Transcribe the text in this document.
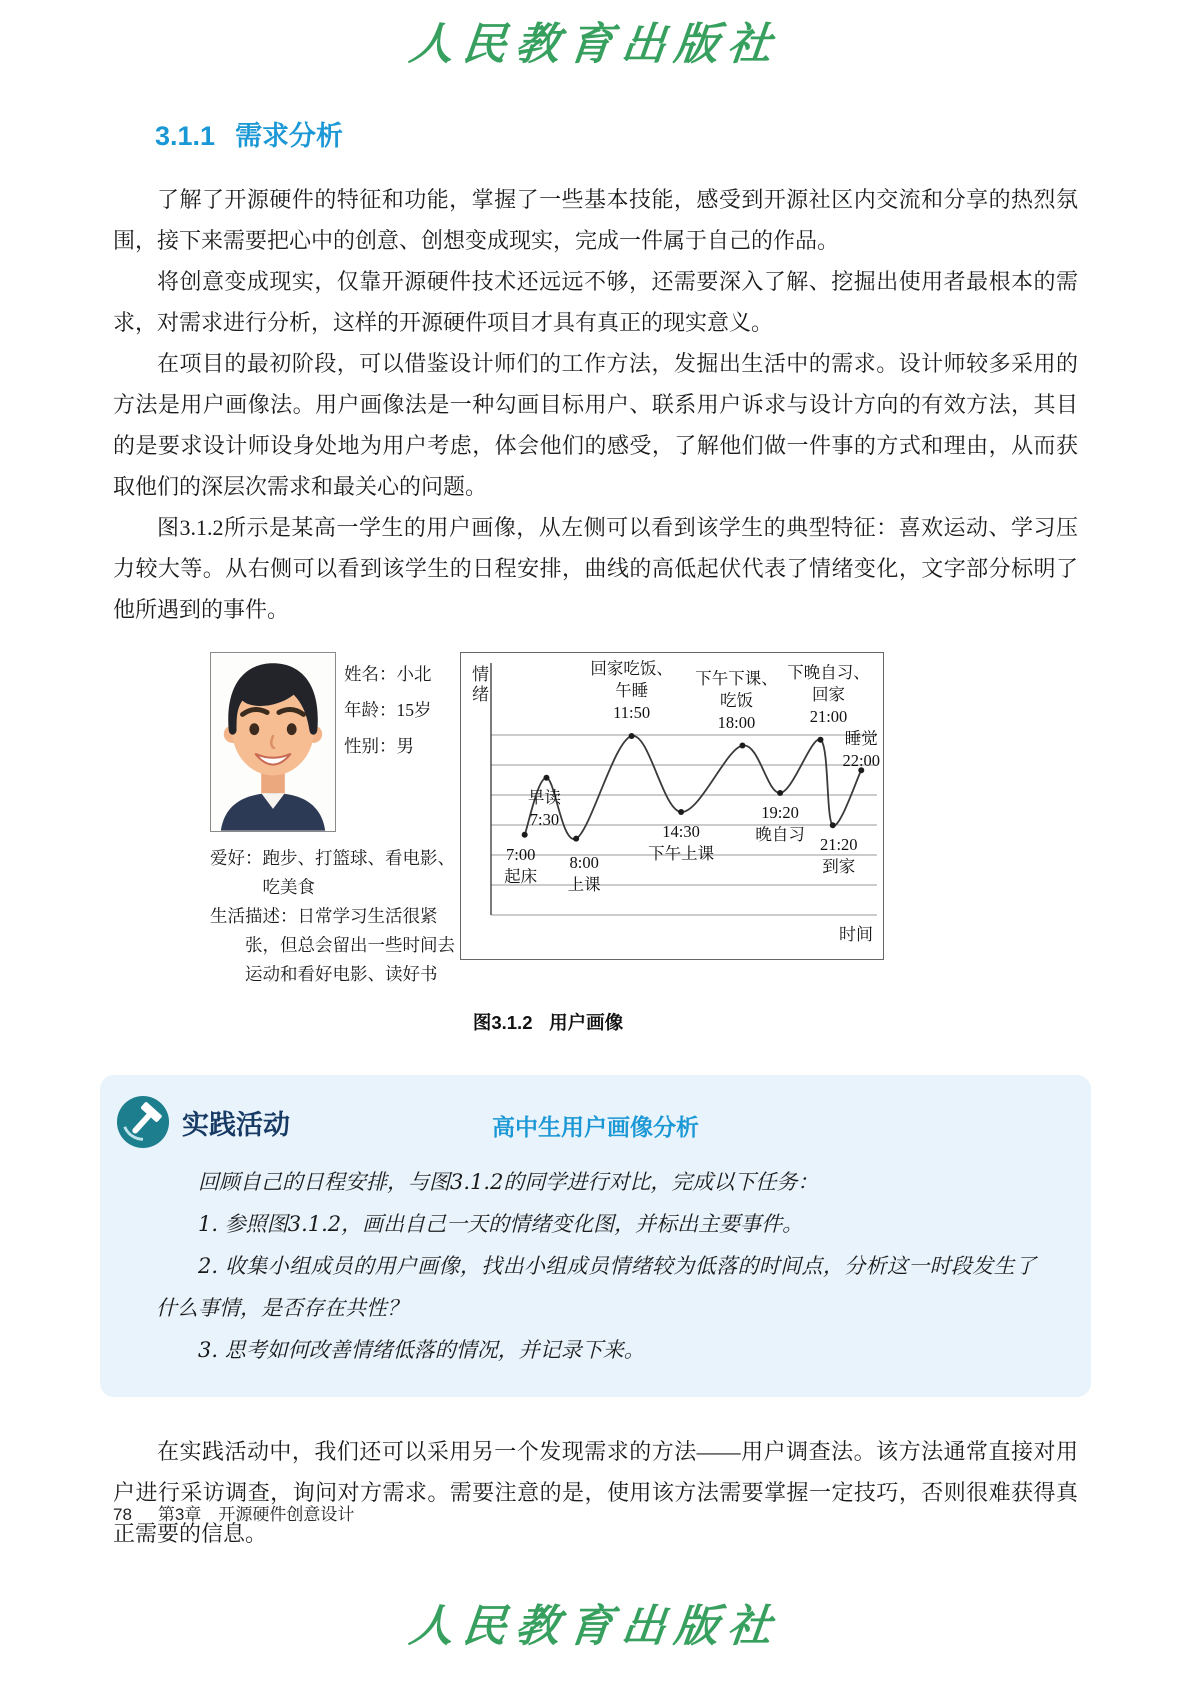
人民教育出版社
3.1.1 需求分析

了解了开源硬件的特征和功能，掌握了一些基本技能，感受到开源社区内交流和分享的热烈氛围，接下来需要把心中的创意、创想变成现实，完成一件属于自己的作品。

将创意变成现实，仅靠开源硬件技术还远远不够，还需要深入了解、挖掘出使用者最根本的需求，对需求进行分析，这样的开源硬件项目才具有真正的现实意义。

在项目的最初阶段，可以借鉴设计师们的工作方法，发掘出生活中的需求。设计师较多采用的方法是用户画像法。用户画像法是一种勾画目标用户、联系用户诉求与设计方向的有效方法，其目的是要求设计师设身处地为用户考虑，体会他们的感受，了解他们做一件事的方式和理由，从而获取他们的深层次需求和最关心的问题。

图3.1.2所示是某高一学生的用户画像，从左侧可以看到该学生的典型特征：喜欢运动、学习压力较大等。从右侧可以看到该学生的日程安排，曲线的高低起伏代表了情绪变化，文字部分标明了他所遇到的事件。

姓名：小北
年龄：15岁
性别：男
爱好：跑步、打篮球、看电影、吃美食
生活描述：日常学习生活很紧张，但总会留出一些时间去运动和看好电影、读好书
情绪
时间
7:00
起床
早读
7:30
8:00
上课
回家吃饭、
午睡
11:50
14:30
下午上课
下午下课、
吃饭
18:00
19:20
晚自习
下晚自习、
回家
21:00
21:20
到家
睡觉
22:00
图3.1.2 用户画像
实践活动	高中生用户画像分析

回顾自己的日程安排，与图3.1.2的同学进行对比，完成以下任务：

1. 参照图3.1.2，画出自己一天的情绪变化图，并标出主要事件。

2. 收集小组成员的用户画像，找出小组成员情绪较为低落的时间点，分析这一时段发生了什么事情，是否存在共性？

3. 思考如何改善情绪低落的情况，并记录下来。

在实践活动中，我们还可以采用另一个发现需求的方法——用户调查法。该方法通常直接对用户进行采访调查，询问对方需求。需要注意的是，使用该方法需要掌握一定技巧，否则很难获得真正需要的信息。

78 第3章　开源硬件创意设计
人民教育出版社
